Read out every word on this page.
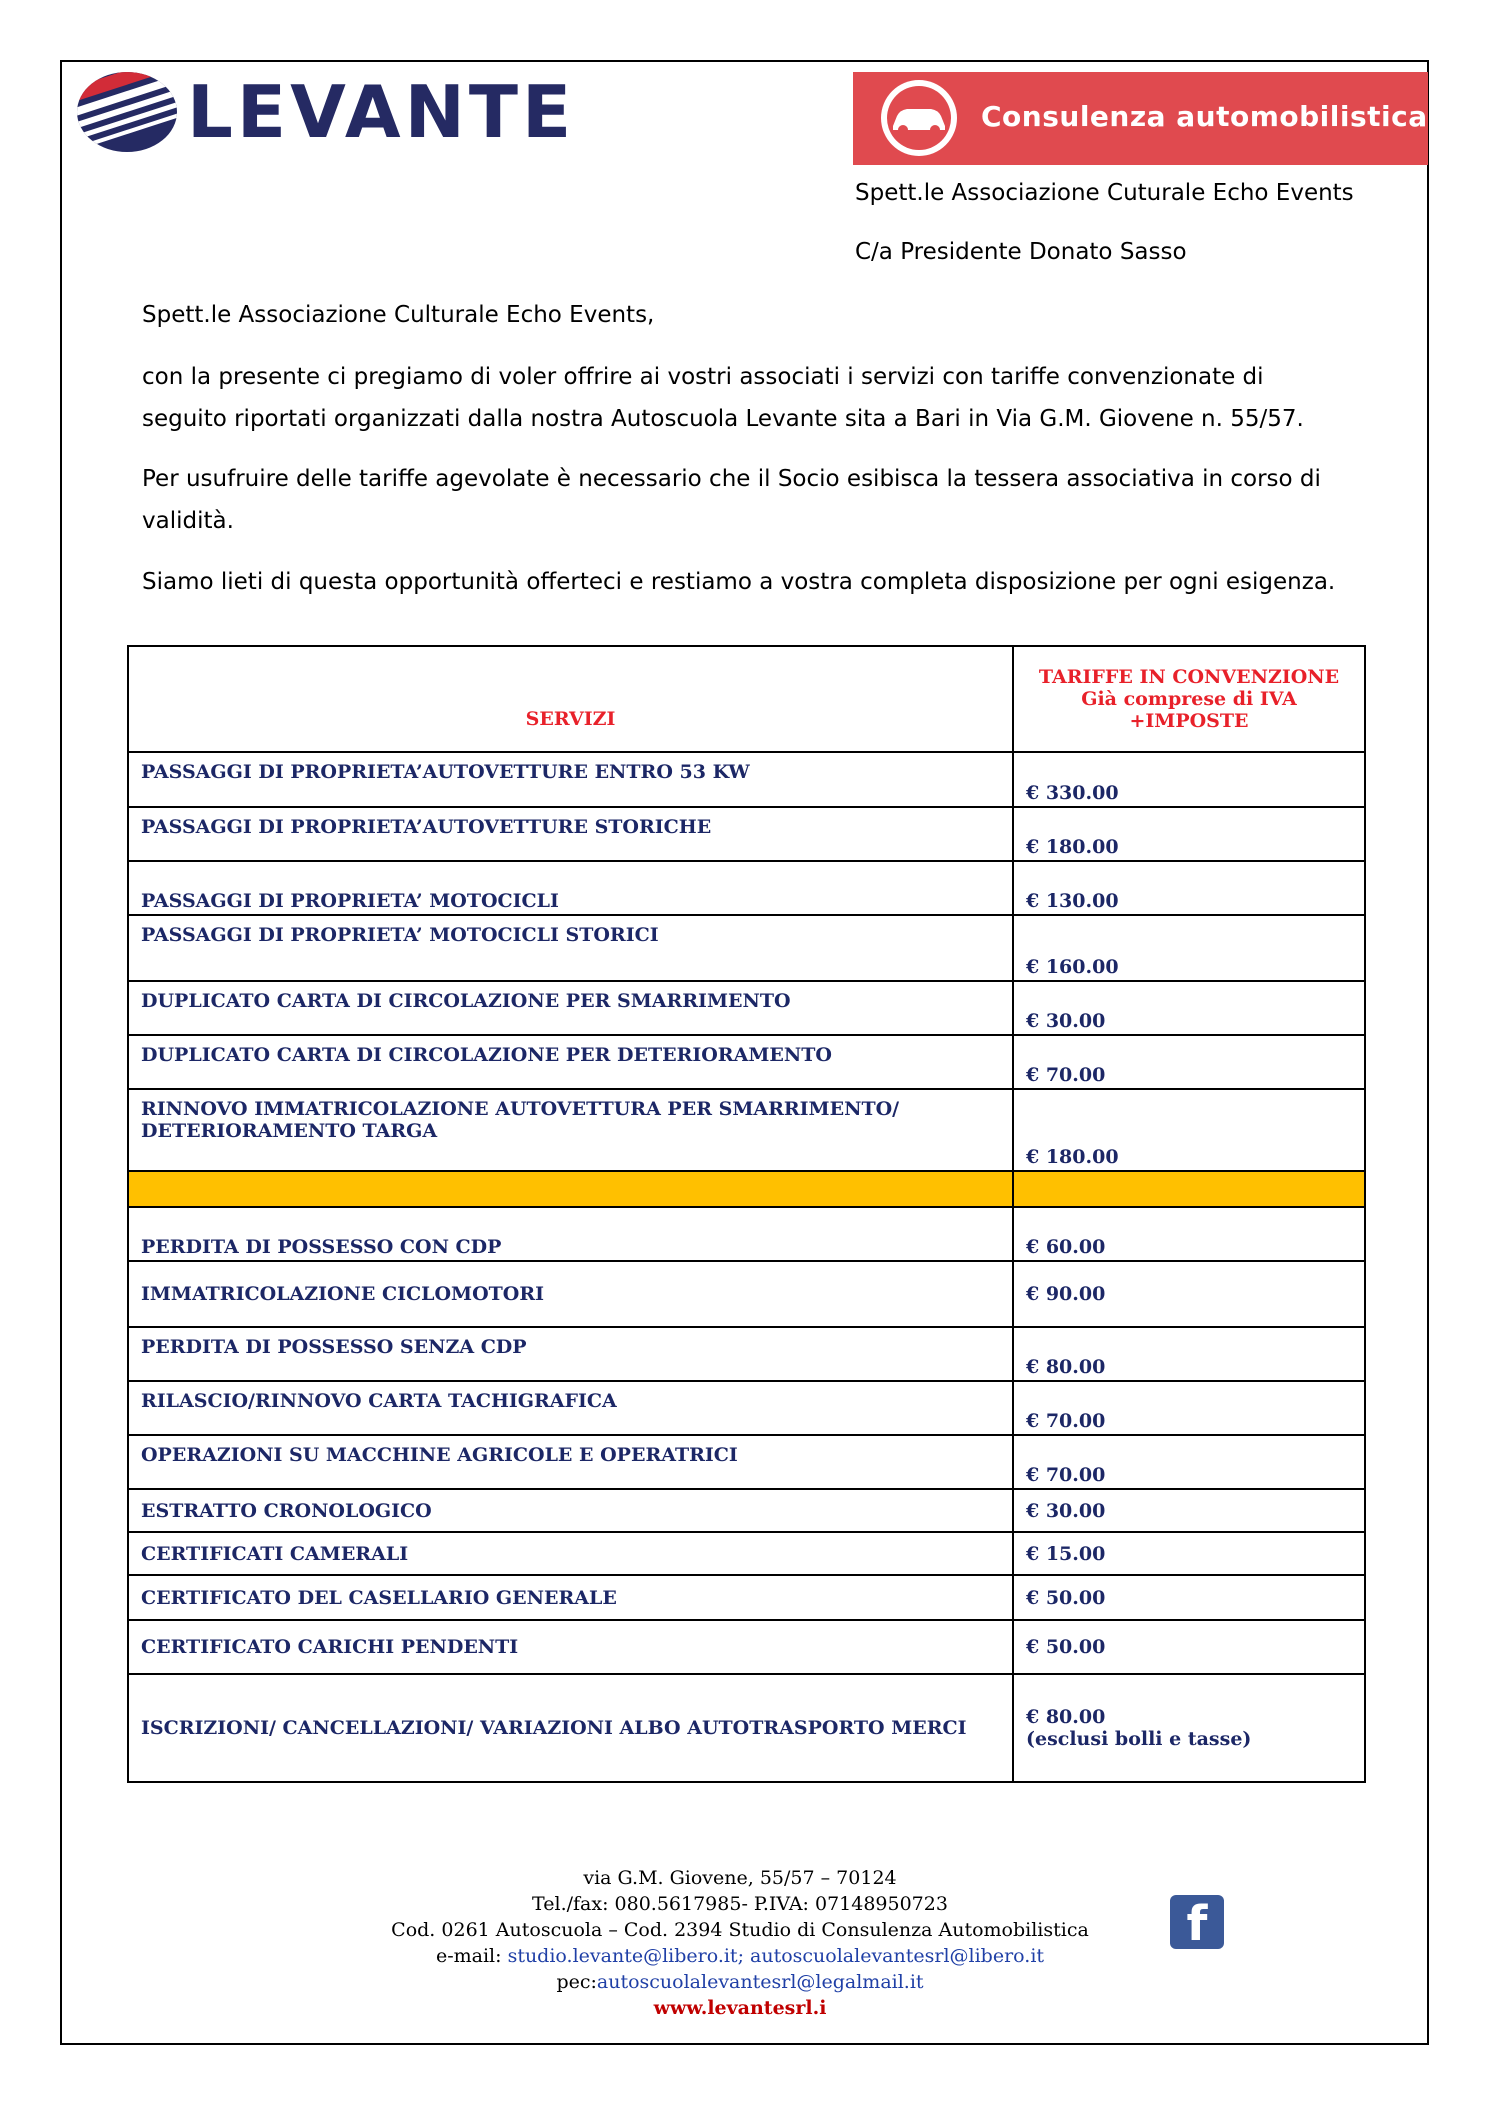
LEVANTE	Consulenza automobilistica
Spett.le Associazione Cuturale Echo Events
C/a Presidente Donato Sasso
Spett.le Associazione Culturale Echo Events,
con la presente ci pregiamo di voler offrire ai vostri associati i servizi con tariffe convenzionate di seguito riportati organizzati dalla nostra Autoscuola Levante sita a Bari in Via G.M. Giovene n. 55/57.
Per usufruire delle tariffe agevolate è necessario che il Socio esibisca la tessera associativa in corso di validità.
Siamo lieti di questa opportunità offerteci e restiamo a vostra completa disposizione per ogni esigenza.
SERVIZI	TARIFFE IN CONVENZIONE
Già comprese di IVA +IMPOSTE

PASSAGGI DI PROPRIETA’AUTOVETTURE ENTRO 53 KW	€ 330.00
PASSAGGI DI PROPRIETA’AUTOVETTURE STORICHE	€ 180.00
PASSAGGI DI PROPRIETA’ MOTOCICLI	€ 130.00
PASSAGGI DI PROPRIETA’ MOTOCICLI STORICI	€ 160.00
DUPLICATO CARTA DI CIRCOLAZIONE PER SMARRIMENTO	€ 30.00
DUPLICATO CARTA DI CIRCOLAZIONE PER DETERIORAMENTO	€ 70.00
RINNOVO IMMATRICOLAZIONE AUTOVETTURA PER SMARRIMENTO/ DETERIORAMENTO TARGA	€ 180.00

PERDITA DI POSSESSO CON CDP	€ 60.00
IMMATRICOLAZIONE CICLOMOTORI	€ 90.00
PERDITA DI POSSESSO SENZA CDP	€ 80.00
RILASCIO/RINNOVO CARTA TACHIGRAFICA	€ 70.00
OPERAZIONI SU MACCHINE AGRICOLE E OPERATRICI	€ 70.00
ESTRATTO CRONOLOGICO	€ 30.00
CERTIFICATI CAMERALI	€ 15.00
CERTIFICATO DEL CASELLARIO GENERALE	€ 50.00
CERTIFICATO CARICHI PENDENTI	€ 50.00
ISCRIZIONI/ CANCELLAZIONI/ VARIAZIONI ALBO AUTOTRASPORTO MERCI	€ 80.00
(esclusi bolli e tasse)
via G.M. Giovene, 55/57 – 70124
Tel./fax: 080.5617985- P.IVA: 07148950723
Cod. 0261 Autoscuola – Cod. 2394 Studio di Consulenza Automobilistica
e-mail: studio.levante@libero.it; autoscuolalevantesrl@libero.it
pec:autoscuolalevantesrl@legalmail.it
www.levantesrl.i
f
